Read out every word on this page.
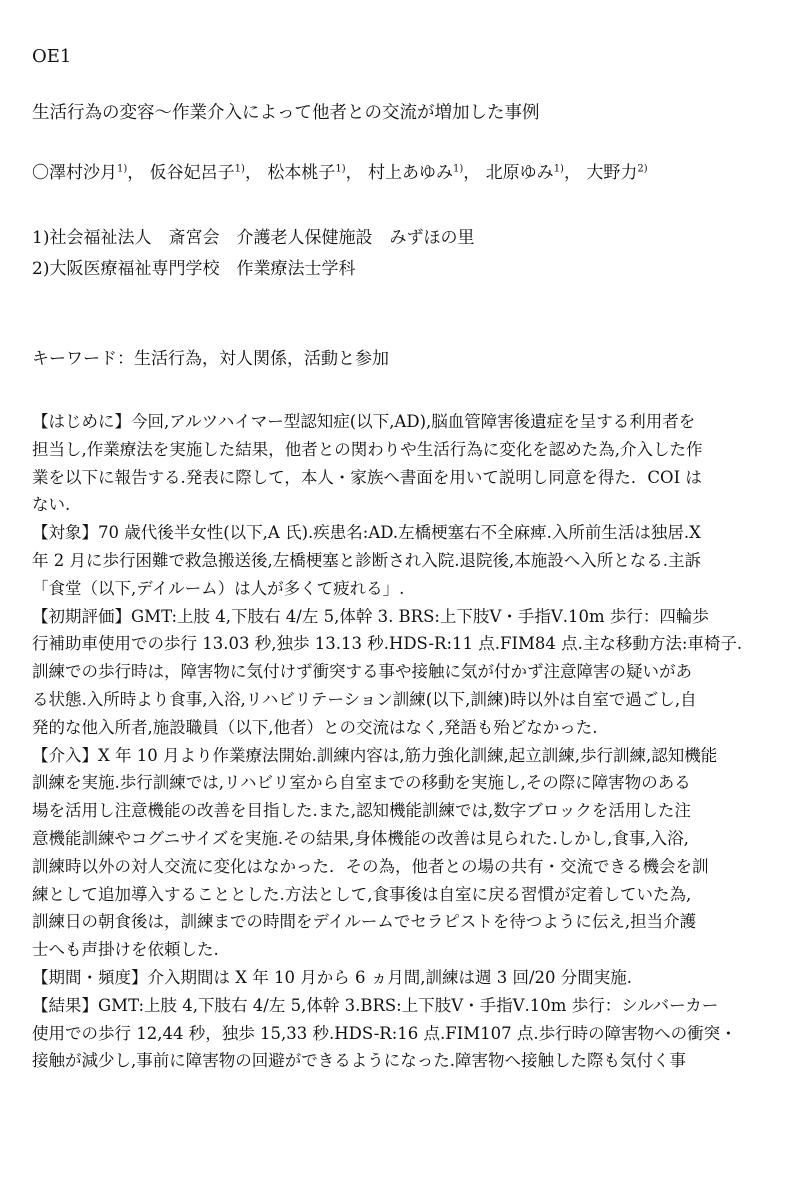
OE1
生活行為の変容～作業介入によって他者との交流が増加した事例
〇澤村沙月$^{1)}$， 仮谷妃呂子$^{1)}$， 松本桃子$^{1)}$， 村上あゆみ$^{1)}$， 北原ゆみ$^{1)}$， 大野力$^{2)}$
1)社会福祉法人　斎宮会　介護老人保健施設　みずほの里
2)大阪医療福祉専門学校　作業療法士学科
キーワード：生活行為，対人関係，活動と参加
【はじめに】今回,アルツハイマー型認知症(以下,AD),脳血管障害後遺症を呈する利用者を
担当し,作業療法を実施した結果，他者との関わりや生活行為に変化を認めた為,介入した作
業を以下に報告する.発表に際して，本人・家族へ書面を用いて説明し同意を得た．COI は
ない.
【対象】70 歳代後半女性(以下,A 氏).疾患名:AD.左橋梗塞右不全麻痺.入所前生活は独居.X
年 2 月に歩行困難で救急搬送後,左橋梗塞と診断され入院.退院後,本施設へ入所となる.主訴
「食堂（以下,デイルーム）は人が多くて疲れる」.
【初期評価】GMT:上肢 4,下肢右 4/左 5,体幹 3. BRS:上下肢Ⅴ・手指Ⅴ.10m 歩行：四輪歩
行補助車使用での歩行 13.03 秒,独歩 13.13 秒.HDS-R:11 点.FIM84 点.主な移動方法:車椅子.
訓練での歩行時は，障害物に気付けず衝突する事や接触に気が付かず注意障害の疑いがあ
る状態.入所時より食事,入浴,リハビリテーション訓練(以下,訓練)時以外は自室で過ごし,自
発的な他入所者,施設職員（以下,他者）との交流はなく,発語も殆どなかった.
【介入】X 年 10 月より作業療法開始.訓練内容は,筋力強化訓練,起立訓練,歩行訓練,認知機能
訓練を実施.歩行訓練では,リハビリ室から自室までの移動を実施し,その際に障害物のある
場を活用し注意機能の改善を目指した.また,認知機能訓練では,数字ブロックを活用した注
意機能訓練やコグニサイズを実施.その結果,身体機能の改善は見られた.しかし,食事,入浴,
訓練時以外の対人交流に変化はなかった．その為，他者との場の共有・交流できる機会を訓
練として追加導入することとした.方法として,食事後は自室に戻る習慣が定着していた為,
訓練日の朝食後は，訓練までの時間をデイルームでセラピストを待つように伝え,担当介護
士へも声掛けを依頼した.
【期間・頻度】介入期間は X 年 10 月から 6 ヵ月間,訓練は週 3 回/20 分間実施.
【結果】GMT:上肢 4,下肢右 4/左 5,体幹 3.BRS:上下肢Ⅴ・手指Ⅴ.10m 歩行：シルバーカー
使用での歩行 12,44 秒，独歩 15,33 秒.HDS-R:16 点.FIM107 点.歩行時の障害物への衝突・
接触が減少し,事前に障害物の回避ができるようになった.障害物へ接触した際も気付く事
